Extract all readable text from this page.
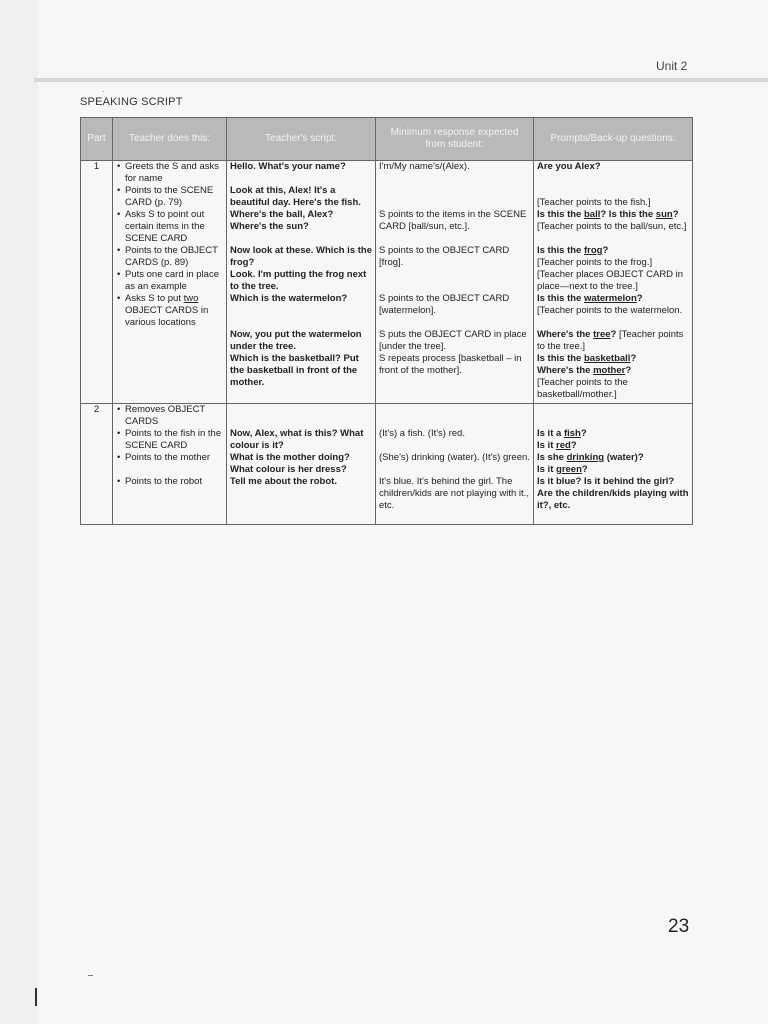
Unit 2
SPEAKING SCRIPT
Part	Teacher does this:	Teacher's script:	Minimum response expected from student:	Prompts/Back-up questions:
1	• Greets the S and asks for name	Hello. What's your name?	I'm/My name's/(Alex).	Are you Alex?

	• Points to the SCENE CARD (p. 79)	Look at this, Alex! It's a beautiful day. Here's the fish.		[Teacher points to the fish.]

	• Asks S to point out certain items in the SCENE CARD	Where's the ball, Alex? Where's the sun?	S points to the items in the SCENE CARD [ball/sun, etc.].	Is this the ball? Is this the sun? [Teacher points to the ball/sun, etc.]

	• Points to the OBJECT CARDS (p. 89)	Now look at these. Which is the frog?	S points to the OBJECT CARD [frog].	Is this the frog?
[Teacher points to the frog.]

	• Puts one card in place as an example	Look. I'm putting the frog next to the tree.		[Teacher places OBJECT CARD in place—next to the tree.]

	• Asks S to put two OBJECT CARDS in various locations	Which is the watermelon?	S points to the OBJECT CARD [watermelon].	Is this the watermelon?
[Teacher points to the watermelon.
		Now, you put the watermelon under the tree.	S puts the OBJECT CARD in place [under the tree].	Where's the tree? [Teacher points to the tree.]
		Which is the basketball? Put the basketball in front of the mother.	S repeats process [basketball – in front of the mother].	Is this the basketball?
Where's the mother?
[Teacher points to the basketball/mother.]
2	• Removes OBJECT CARDS

	• Points to the fish in the SCENE CARD	Now, Alex, what is this? What colour is it?	(It's) a fish. (It's) red.	Is it a fish?
Is it red?

	• Points to the mother	What is the mother doing? What colour is her dress?	(She's) drinking (water). (It's) green.	Is she drinking (water)?
Is it green?

	• Points to the robot	Tell me about the robot.	It's blue. It's behind the girl. The children/kids are not playing with it., etc.	Is it blue? Is it behind the girl? Are the children/kids playing with it?, etc.
23
